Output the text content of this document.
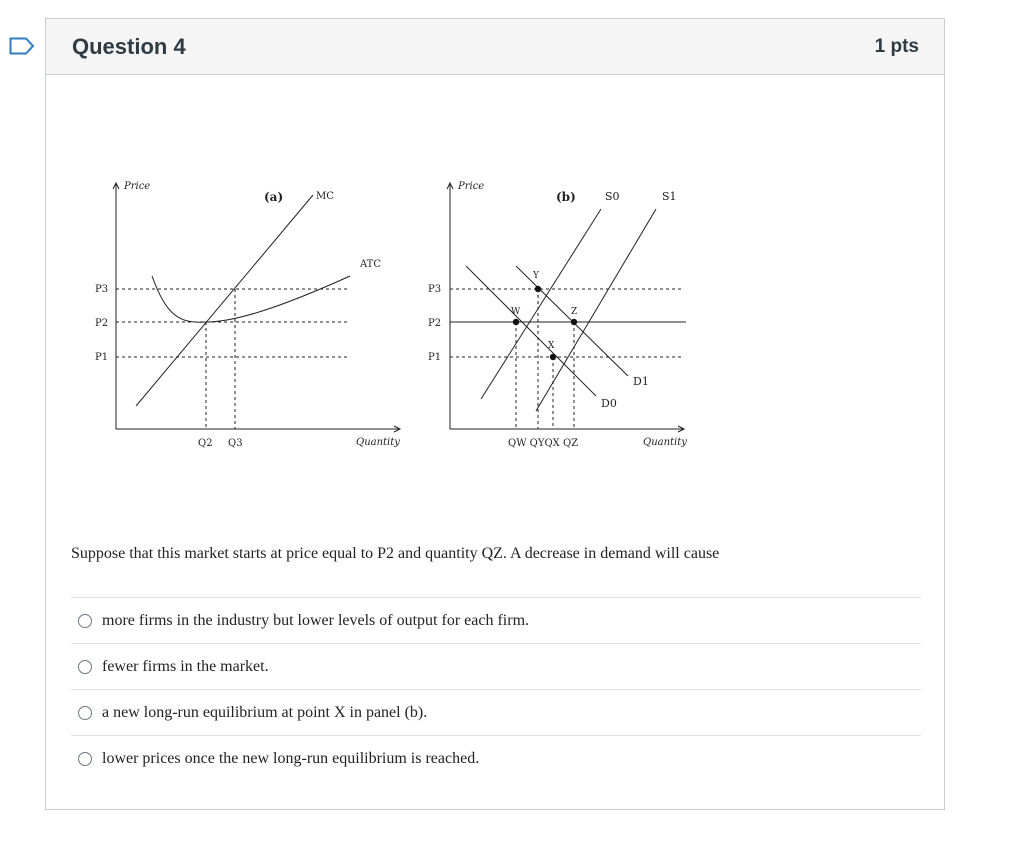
Question 4	1 pts
Price
Quantity
(a)
P3
P2
P1
MC
ATC
Q2 Q3
Price
Quantity
(b)
P3
P2
P1
S0	S1
D1
D0
Y
W	Z
X
QW QYQX QZ
Suppose that this market starts at price equal to P2 and quantity QZ. A decrease in demand will cause
more firms in the industry but lower levels of output for each firm.
fewer firms in the market.
a new long-run equilibrium at point X in panel (b).
lower prices once the new long-run equilibrium is reached.
